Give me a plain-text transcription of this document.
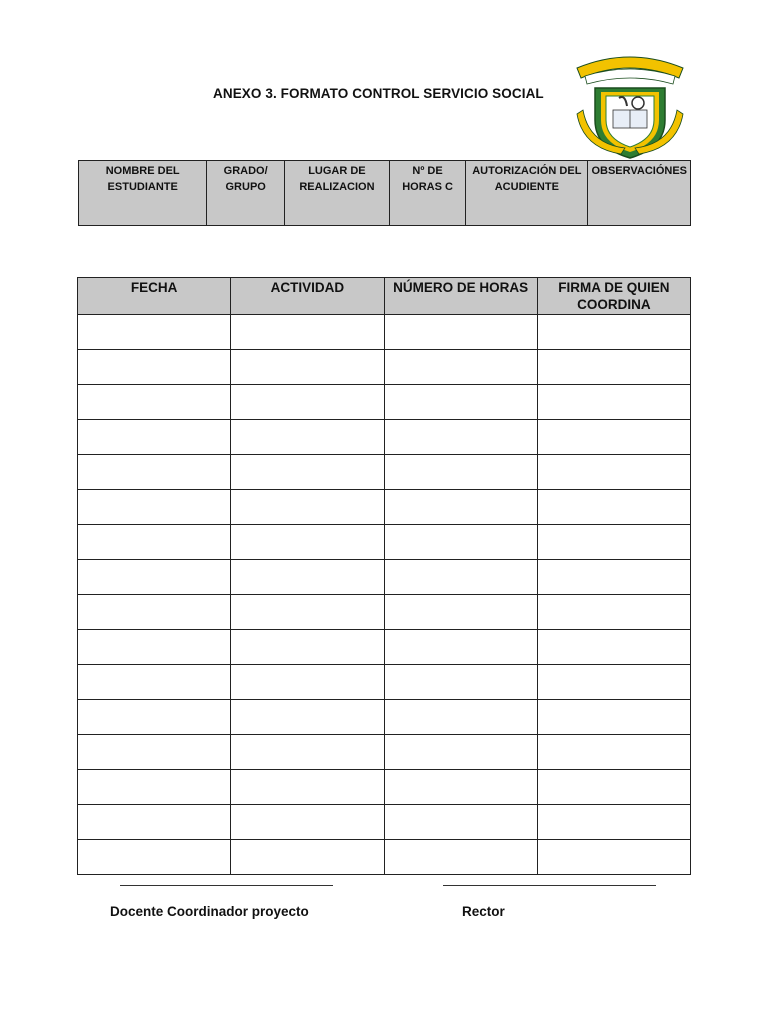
ANEXO 3. FORMATO CONTROL SERVICIO SOCIAL
NOMBRE DEL ESTUDIANTE	GRADO/ GRUPO	LUGAR DE REALIZACION	Nº DE HORAS C	AUTORIZACIÓN DEL ACUDIENTE	OBSERVACIÓNES
FECHA	ACTIVIDAD	NÚMERO DE HORAS	FIRMA DE QUIEN COORDINA

Docente Coordinador proyecto	Rector
